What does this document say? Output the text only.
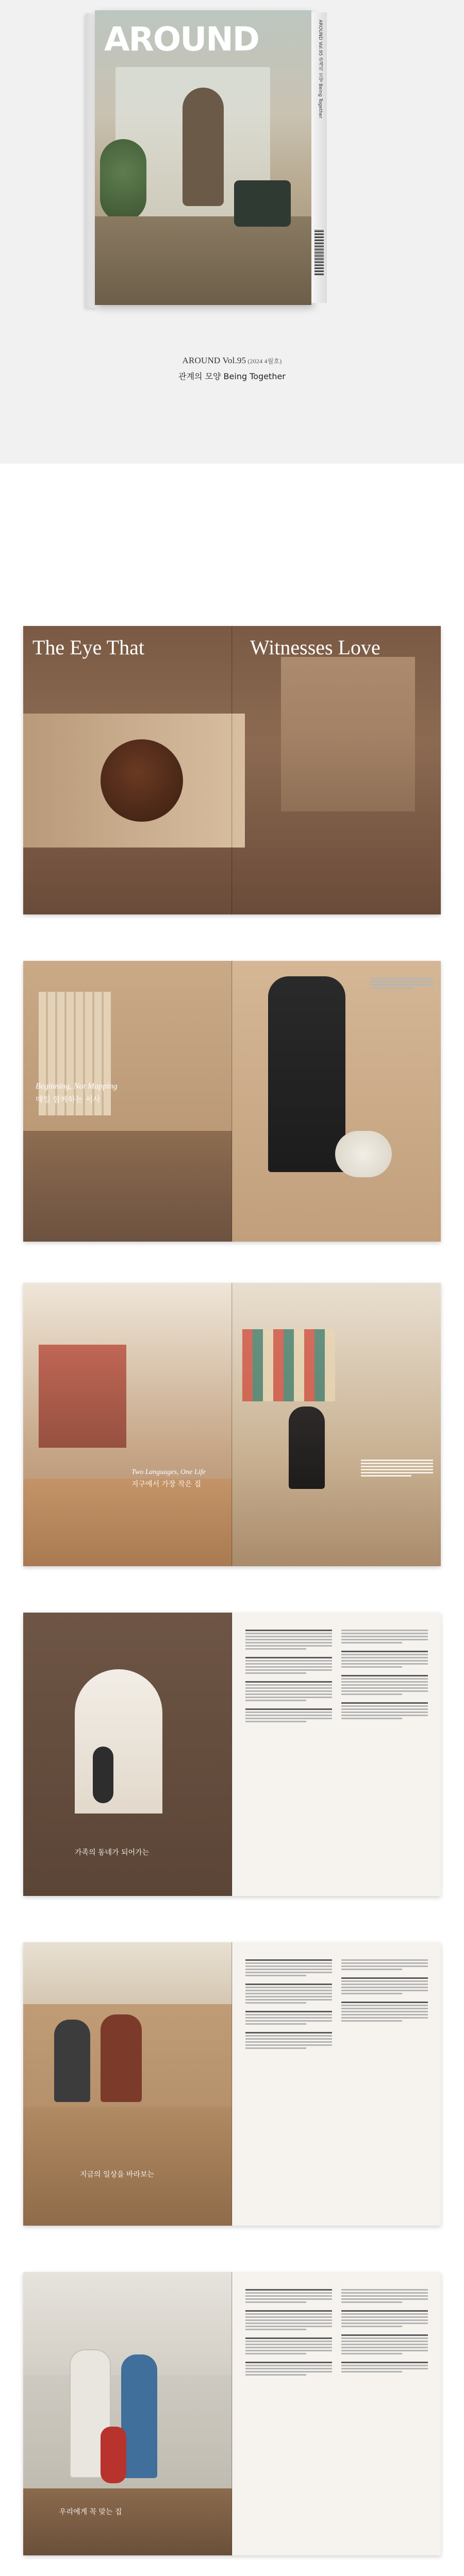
AROUND	AROUND Vol.95 관계의 모양 Being Together
AROUND Vol.95 (2024 4월호)
관계의 모양 Being Together
The Eye That	Witnesses Love
Beginning, Not Mapping
매일 함께하는 서사
Two Languages, One Life
지구에서 가장 작은 집
가족의 동네가 되어가는
지금의 일상을 바라보는
우리에게 꼭 맞는 집
